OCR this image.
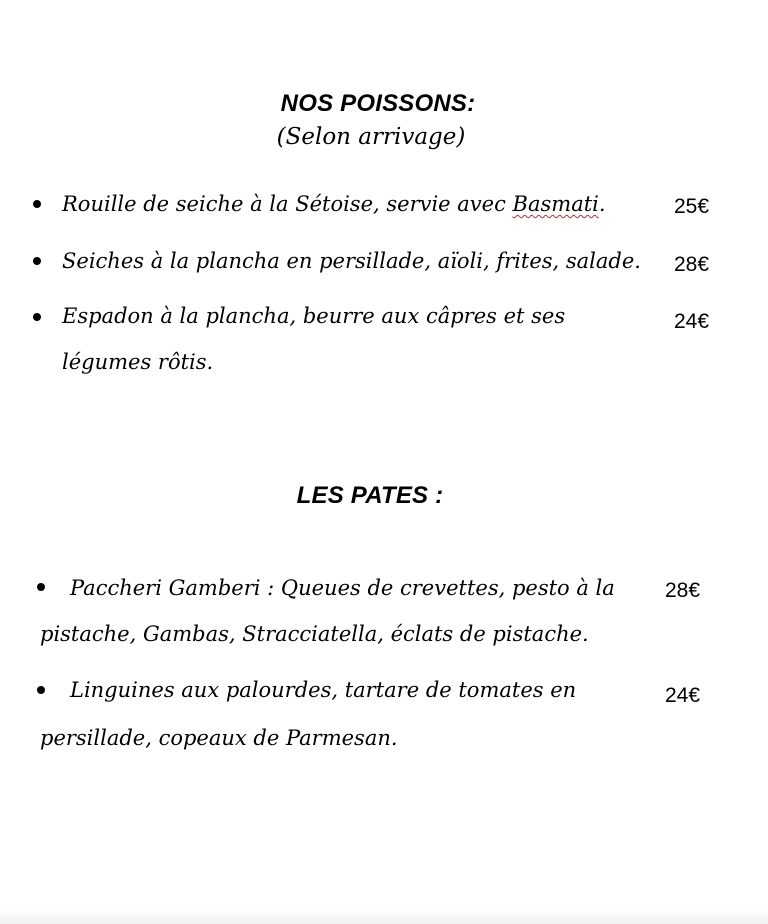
NOS POISSONS:
(Selon arrivage)
Rouille de seiche à la Sétoise, servie avec Basmati.	25€
Seiches à la plancha en persillade, aïoli, frites, salade. 28€
Espadon à la plancha, beurre aux câpres et ses
légumes rôtis.
24€
LES PATES :
Paccheri Gamberi : Queues de crevettes, pesto à la
pistache, Gambas, Stracciatella, éclats de pistache.
28€
Linguines aux palourdes, tartare de tomates en
persillade, copeaux de Parmesan.
24€
